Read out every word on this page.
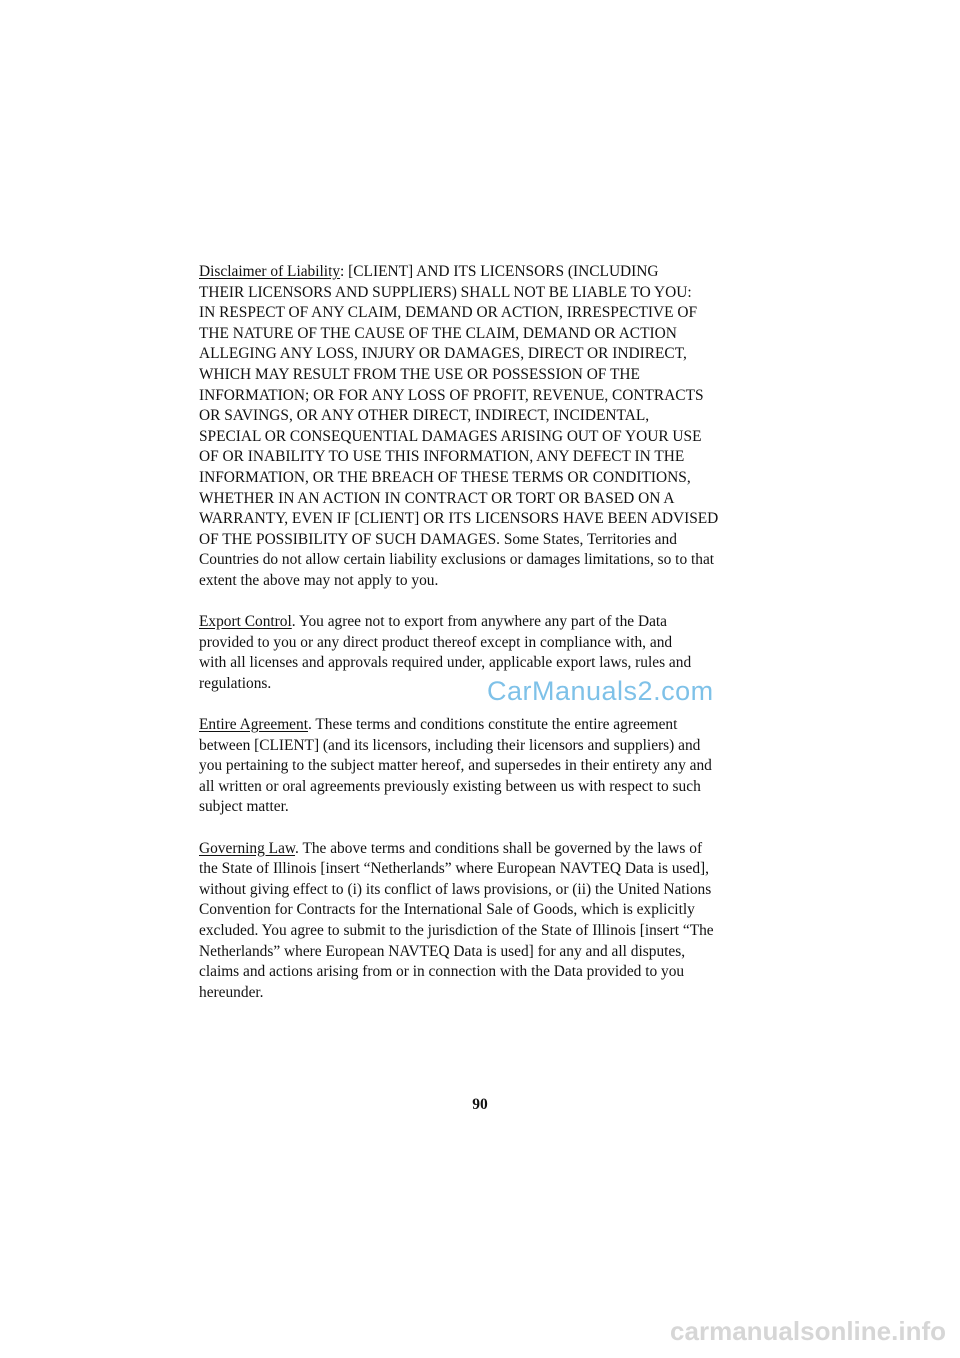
Disclaimer of Liability: [CLIENT] AND ITS LICENSORS (INCLUDING
THEIR LICENSORS AND SUPPLIERS) SHALL NOT BE LIABLE TO YOU:
IN RESPECT OF ANY CLAIM, DEMAND OR ACTION, IRRESPECTIVE OF
THE NATURE OF THE CAUSE OF THE CLAIM, DEMAND OR ACTION
ALLEGING ANY LOSS, INJURY OR DAMAGES, DIRECT OR INDIRECT,
WHICH MAY RESULT FROM THE USE OR POSSESSION OF THE
INFORMATION; OR FOR ANY LOSS OF PROFIT, REVENUE, CONTRACTS
OR SAVINGS, OR ANY OTHER DIRECT, INDIRECT, INCIDENTAL,
SPECIAL OR CONSEQUENTIAL DAMAGES ARISING OUT OF YOUR USE
OF OR INABILITY TO USE THIS INFORMATION, ANY DEFECT IN THE
INFORMATION, OR THE BREACH OF THESE TERMS OR CONDITIONS,
WHETHER IN AN ACTION IN CONTRACT OR TORT OR BASED ON A
WARRANTY, EVEN IF [CLIENT] OR ITS LICENSORS HAVE BEEN ADVISED
OF THE POSSIBILITY OF SUCH DAMAGES. Some States, Territories and
Countries do not allow certain liability exclusions or damages limitations, so to that
extent the above may not apply to you.
Export Control. You agree not to export from anywhere any part of the Data
provided to you or any direct product thereof except in compliance with, and
with all licenses and approvals required under, applicable export laws, rules and
regulations.
Entire Agreement. These terms and conditions constitute the entire agreement
between [CLIENT] (and its licensors, including their licensors and suppliers) and
you pertaining to the subject matter hereof, and supersedes in their entirety any and
all written or oral agreements previously existing between us with respect to such
subject matter.
Governing Law. The above terms and conditions shall be governed by the laws of
the State of Illinois [insert “Netherlands” where European NAVTEQ Data is used],
without giving effect to (i) its conflict of laws provisions, or (ii) the United Nations
Convention for Contracts for the International Sale of Goods, which is explicitly
excluded. You agree to submit to the jurisdiction of the State of Illinois [insert “The
Netherlands” where European NAVTEQ Data is used] for any and all disputes,
claims and actions arising from or in connection with the Data provided to you
hereunder.
90
CarManuals2.com
carmanualsonline.info
